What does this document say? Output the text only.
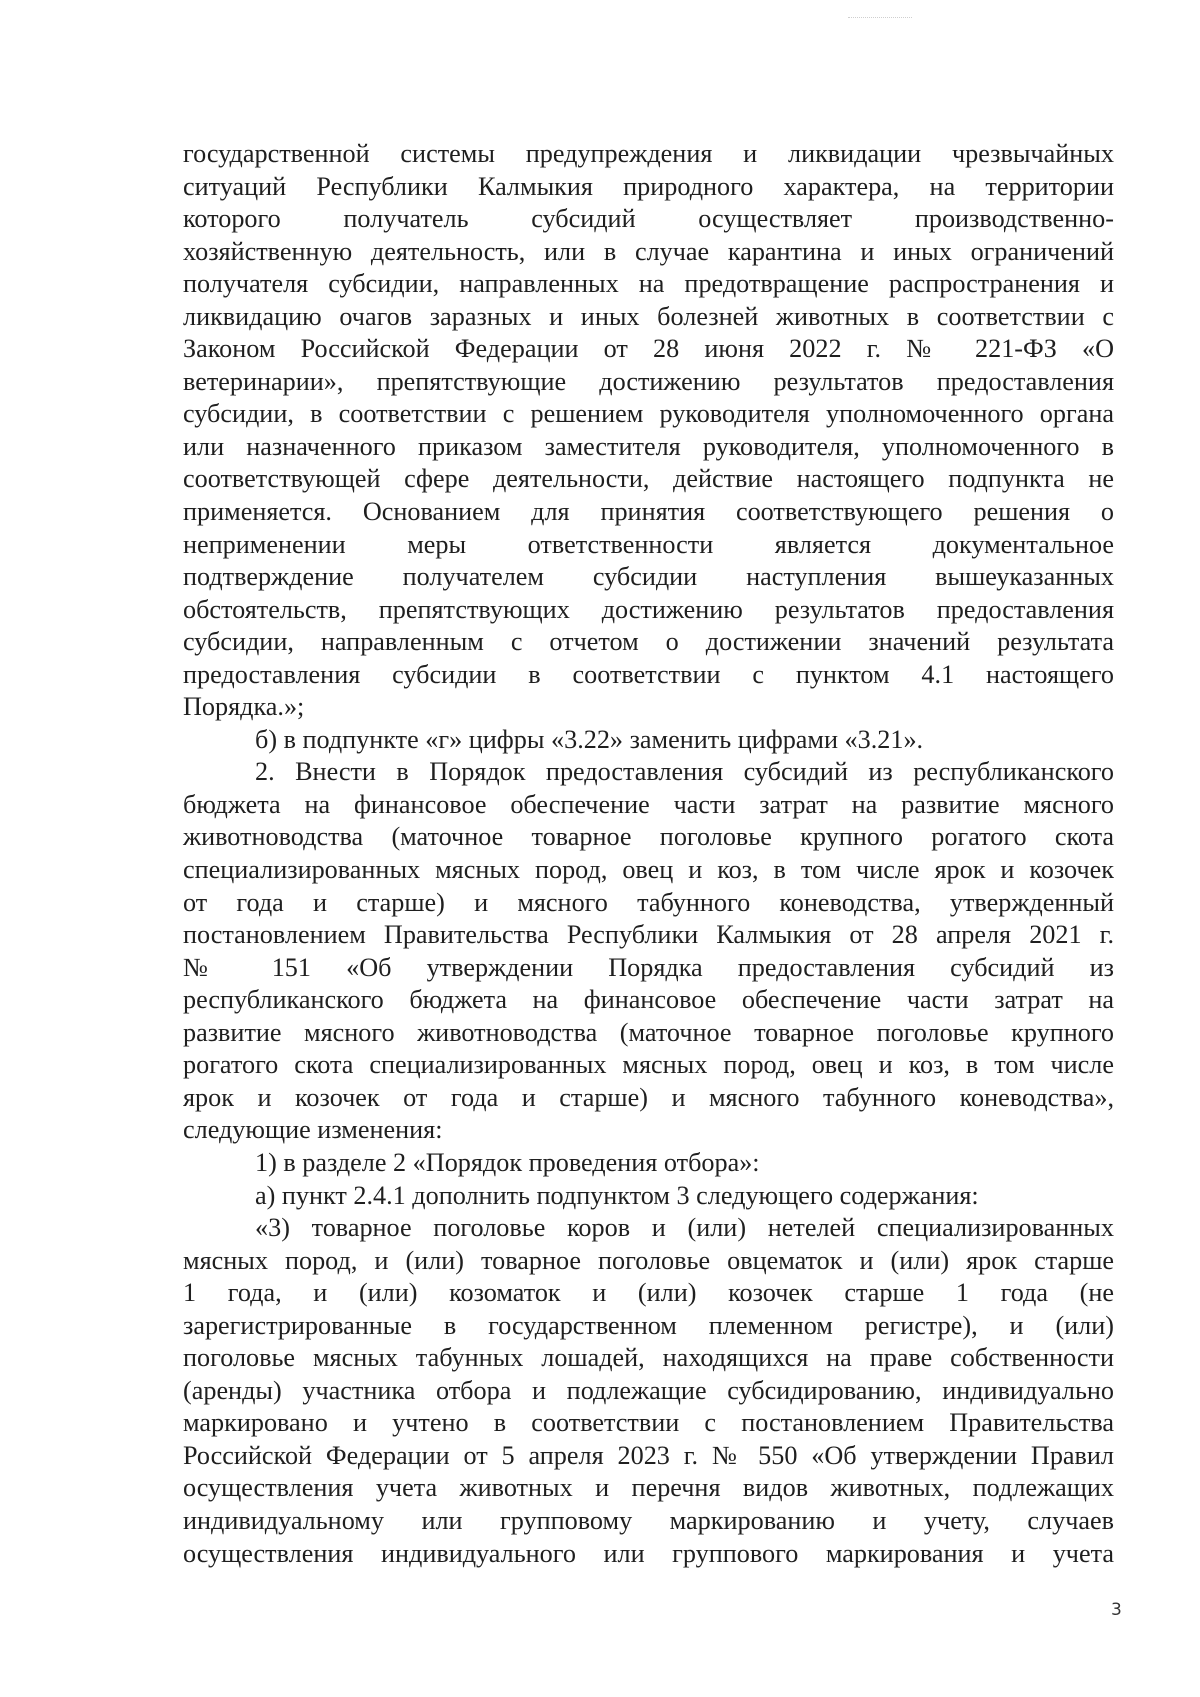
государственной системы предупреждения и ликвидации чрезвычайных
ситуаций Республики Калмыкия природного характера, на территории
которого получатель субсидий осуществляет производственно-
хозяйственную деятельность, или в случае карантина и иных ограничений
получателя субсидии, направленных на предотвращение распространения и
ликвидацию очагов заразных и иных болезней животных в соответствии с
Законом Российской Федерации от 28 июня 2022 г. № 221-ФЗ «О
ветеринарии», препятствующие достижению результатов предоставления
субсидии, в соответствии с решением руководителя уполномоченного органа
или назначенного приказом заместителя руководителя, уполномоченного в
соответствующей сфере деятельности, действие настоящего подпункта не
применяется. Основанием для принятия соответствующего решения о
неприменении меры ответственности является документальное
подтверждение получателем субсидии наступления вышеуказанных
обстоятельств, препятствующих достижению результатов предоставления
субсидии, направленным с отчетом о достижении значений результата
предоставления субсидии в соответствии с пунктом 4.1 настоящего
Порядка.»;

б) в подпункте «г» цифры «3.22» заменить цифрами «3.21».

2. Внести в Порядок предоставления субсидий из республиканского
бюджета на финансовое обеспечение части затрат на развитие мясного
животноводства (маточное товарное поголовье крупного рогатого скота
специализированных мясных пород, овец и коз, в том числе ярок и козочек
от года и старше) и мясного табунного коневодства, утвержденный
постановлением Правительства Республики Калмыкия от 28 апреля 2021 г.
№ 151 «Об утверждении Порядка предоставления субсидий из
республиканского бюджета на финансовое обеспечение части затрат на
развитие мясного животноводства (маточное товарное поголовье крупного
рогатого скота специализированных мясных пород, овец и коз, в том числе
ярок и козочек от года и старше) и мясного табунного коневодства»,
следующие изменения:

1) в разделе 2 «Порядок проведения отбора»:

а) пункт 2.4.1 дополнить подпунктом 3 следующего содержания:

«3) товарное поголовье коров и (или) нетелей специализированных
мясных пород, и (или) товарное поголовье овцематок и (или) ярок старше
1 года, и (или) козоматок и (или) козочек старше 1 года (не
зарегистрированные в государственном племенном регистре), и (или)
поголовье мясных табунных лошадей, находящихся на праве собственности
(аренды) участника отбора и подлежащие субсидированию, индивидуально
маркировано и учтено в соответствии с постановлением Правительства
Российской Федерации от 5 апреля 2023 г. № 550 «Об утверждении Правил
осуществления учета животных и перечня видов животных, подлежащих
индивидуальному или групповому маркированию и учету, случаев
осуществления индивидуального или группового маркирования и учета

3
